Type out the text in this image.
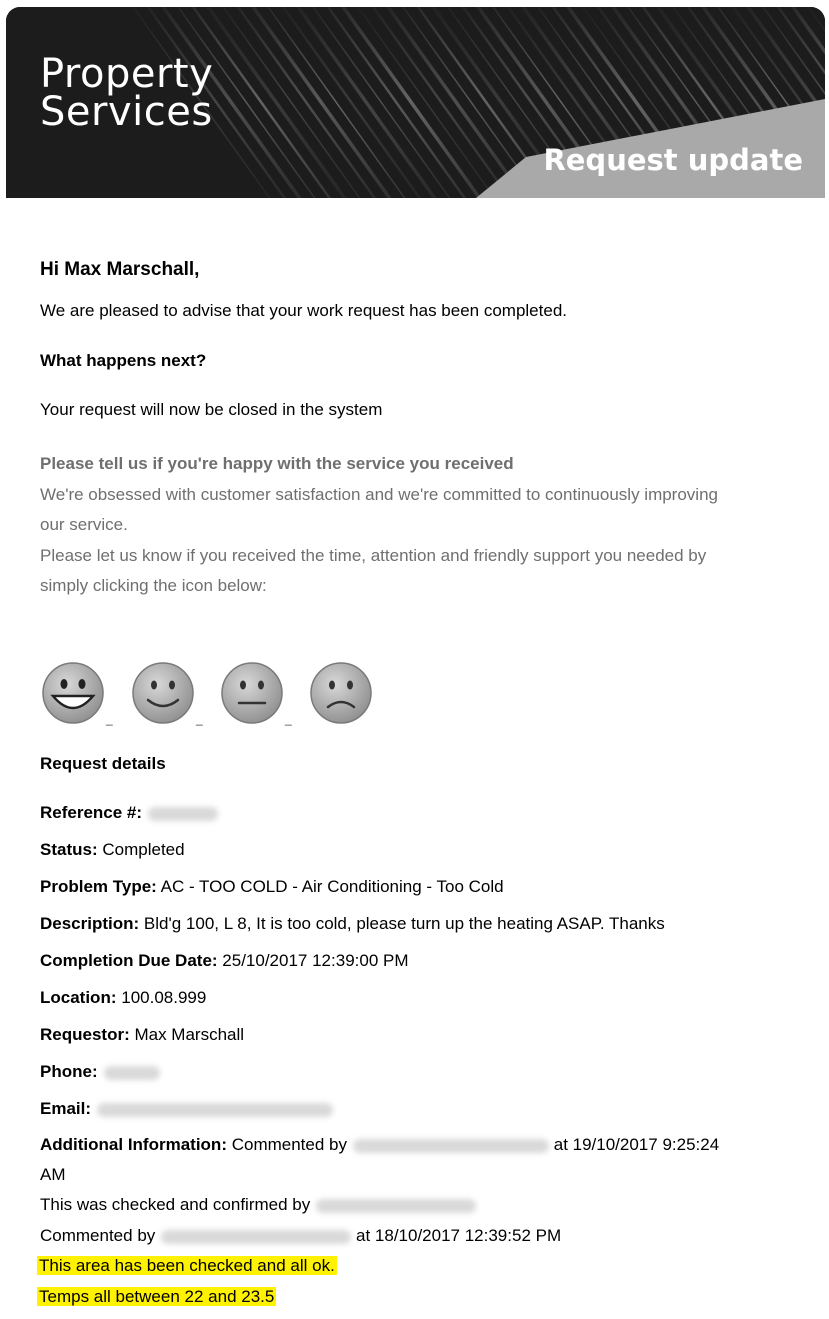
Property
Services
Request update
Hi Max Marschall,
We are pleased to advise that your work request has been completed.
What happens next?
Your request will now be closed in the system
Please tell us if you're happy with the service you received
We're obsessed with customer satisfaction and we're committed to continuously improving
our service.
Please let us know if you received the time, attention and friendly support you needed by
simply clicking the icon below:
_	_	_
Request details
Reference #:
Status: Completed
Problem Type: AC - TOO COLD - Air Conditioning - Too Cold
Description: Bld'g 100, L 8, It is too cold, please turn up the heating ASAP. Thanks
Completion Due Date: 25/10/2017 12:39:00 PM
Location: 100.08.999
Requestor: Max Marschall
Phone:
Email:
Additional Information: Commented by	at 19/10/2017 9:25:24
AM
This was checked and confirmed by
Commented by	at 18/10/2017 12:39:52 PM
This area has been checked and all ok.
Temps all between 22 and 23.5
